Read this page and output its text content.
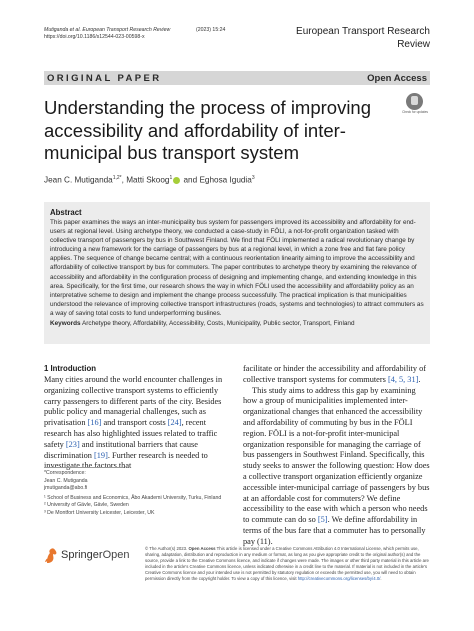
Mutiganda et al. European Transport Research Review
https://doi.org/10.1186/s12544-023-00598-x
(2023) 15:24	European Transport Research
Review
ORIGINAL PAPER	Open Access
Understanding the process of improving accessibility and affordability of inter-municipal bus transport system
Check for updates
Jean C. Mutiganda$^{1,2*}$, Matti Skoog$^1$ and Eghosa Igudia$^3$
Abstract
This paper examines the ways an inter-municipality bus system for passengers improved its accessibility and affordability for end-users at regional level. Using archetype theory, we conducted a case-study in FÖLI, a not-for-profit organization tasked with collective transport of passengers by bus in Southwest Finland. We find that FÖLI implemented a radical revolutionary change by introducing a new framework for the carriage of passengers by bus at a regional level, in which a zone free and flat fare policy applies. The sequence of change became central; with a continuous reorientation linearity aiming to improve the accessibility and affordability of collective transport by bus for commuters. The paper contributes to archetype theory by examining the relevance of accessibility and affordability in the configuration process of designing and implementing change, and extending knowledge in this area. Specifically, for the first time, our research shows the way in which FÖLI used the accessibility and affordability policy as an interpretative scheme to design and implement the change process successfully. The practical implication is that municipalities understood the relevance of improving collective transport infrastructures (roads, systems and technologies) to attract commuters as a way of saving total costs to fund underperforming buslines.
Keywords Archetype theory, Affordability, Accessibility, Costs, Municipality, Public sector, Transport, Finland
1 Introduction

Many cities around the world encounter challenges in organizing collective transport systems to efficiently carry passengers to different parts of the city. Besides public policy and managerial challenges, such as privatisation [16] and transport costs [24], recent research has also highlighted issues related to traffic safety [23] and institutional barriers that cause discrimination [19]. Further research is needed to investigate the factors that

*Correspondence:
Jean C. Mutiganda
jmutiganda@abo.fi
¹ School of Business and Economics, Åbo Akademi University, Turku, Finland
² University of Gävle, Gävle, Sweden
³ De Montfort University Leicester, Leicester, UK

facilitate or hinder the accessibility and affordability of collective transport systems for commuters [4, 5, 31].

This study aims to address this gap by examining how a group of municipalities implemented inter-organizational changes that enhanced the accessibility and affordability of commuting by bus in the FÖLI region. FÖLI is a not-for-profit inter-municipal organization responsible for managing the carriage of bus passengers in Southwest Finland. Specifically, this study seeks to answer the following question: How does a collective transport organization efficiently organize accessible inter-municipal carriage of passengers by bus at an affordable cost for commuters? We define accessibility to the ease with which a person who needs to commute can do so [5]. We define affordability in terms of the bus fare that a commuter has to personally pay (11).

SpringerOpen
© The Author(s) 2023. Open Access This article is licensed under a Creative Commons Attribution 4.0 International License, which permits use, sharing, adaptation, distribution and reproduction in any medium or format, as long as you give appropriate credit to the original author(s) and the source, provide a link to the Creative Commons licence, and indicate if changes were made. The images or other third party material in this article are included in the article's Creative Commons licence, unless indicated otherwise in a credit line to the material. If material is not included in the article's Creative Commons licence and your intended use is not permitted by statutory regulation or exceeds the permitted use, you will need to obtain permission directly from the copyright holder. To view a copy of this licence, visit http://creativecommons.org/licenses/by/4.0/.
